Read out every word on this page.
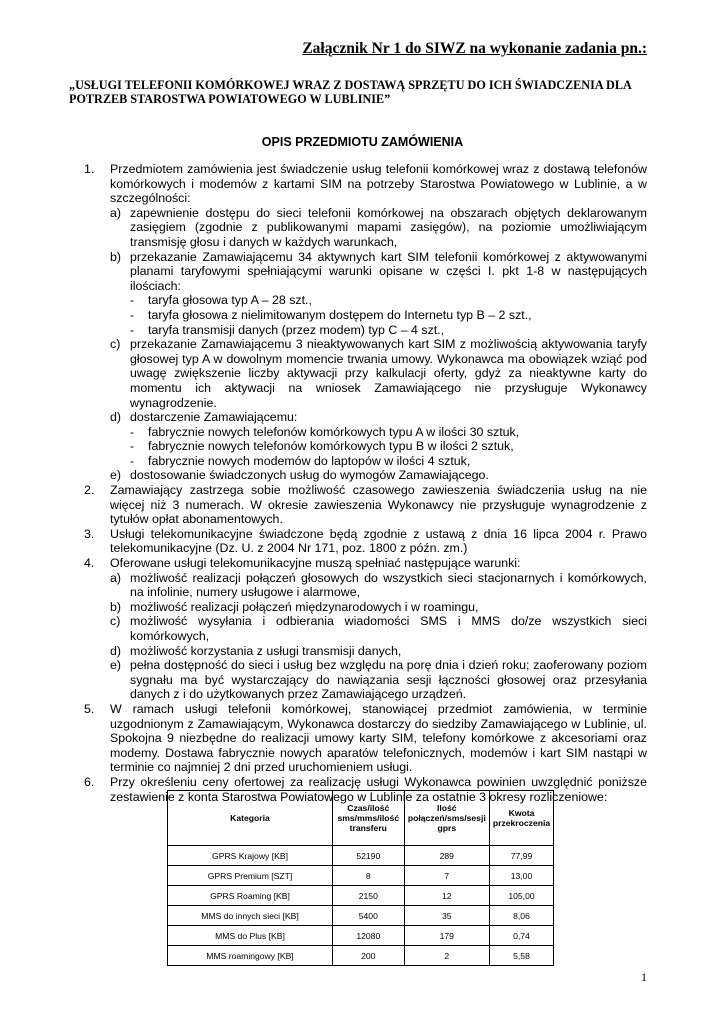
Załącznik Nr 1 do SIWZ na wykonanie zadania pn.:
„USŁUGI TELEFONII KOMÓRKOWEJ WRAZ Z DOSTAWĄ SPRZĘTU DO ICH ŚWIADCZENIA DLA POTRZEB STAROSTWA POWIATOWEGO W LUBLINIE”
OPIS PRZEDMIOTU ZAMÓWIENIA
1.	Przedmiotem zamówienia jest świadczenie usług telefonii komórkowej wraz z dostawą telefonów komórkowych i modemów z kartami SIM na potrzeby Starostwa Powiatowego w Lublinie, a w szczególności:
a) zapewnienie dostępu do sieci telefonii komórkowej na obszarach objętych deklarowanym zasięgiem (zgodnie z publikowanymi mapami zasięgów), na poziomie umożliwiającym transmisję głosu i danych w każdych warunkach,
b) przekazanie Zamawiającemu 34 aktywnych kart SIM telefonii komórkowej z aktywowanymi planami taryfowymi spełniającymi warunki opisane w części I. pkt 1-8 w następujących ilościach:
-	taryfa głosowa typ A – 28 szt.,
-	taryfa głosowa z nielimitowanym dostępem do Internetu typ B – 2 szt.,
-	taryfa transmisji danych (przez modem) typ C – 4 szt.,
c) przekazanie Zamawiającemu 3 nieaktywowanych kart SIM z możliwością aktywowania taryfy głosowej typ A w dowolnym momencie trwania umowy. Wykonawca ma obowiązek wziąć pod uwagę zwiększenie liczby aktywacji przy kalkulacji oferty, gdyż za nieaktywne karty do momentu ich aktywacji na wniosek Zamawiającego nie przysługuje Wykonawcy wynagrodzenie.
d) dostarczenie Zamawiającemu:
-	fabrycznie nowych telefonów komórkowych typu A w ilości 30 sztuk,
-	fabrycznie nowych telefonów komórkowych typu B w ilości 2 sztuk,
-	fabrycznie nowych modemów do laptopów w ilości 4 sztuk,
e) dostosowanie świadczonych usług do wymogów Zamawiającego.
2.	Zamawiający zastrzega sobie możliwość czasowego zawieszenia świadczenia usług na nie więcej niż 3 numerach. W okresie zawieszenia Wykonawcy nie przysługuje wynagrodzenie z tytułów opłat abonamentowych.
3.	Usługi telekomunikacyjne świadczone będą zgodnie z ustawą z dnia 16 lipca 2004 r. Prawo telekomunikacyjne (Dz. U. z 2004 Nr 171, poz. 1800 z późn. zm.)
4.	Oferowane usługi telekomunikacyjne muszą spełniać następujące warunki:
a) możliwość realizacji połączeń głosowych do wszystkich sieci stacjonarnych i komórkowych, na infolinie, numery usługowe i alarmowe,
b) możliwość realizacji połączeń międzynarodowych i w roamingu,
c) możliwość wysyłania i odbierania wiadomości SMS i MMS do/ze wszystkich sieci komórkowych,
d) możliwość korzystania z usługi transmisji danych,
e) pełna dostępność do sieci i usług bez względu na porę dnia i dzień roku; zaoferowany poziom sygnału ma być wystarczający do nawiązania sesji łączności głosowej oraz przesyłania danych z i do użytkowanych przez Zamawiającego urządzeń.
5.	W ramach usługi telefonii komórkowej, stanowiącej przedmiot zamówienia, w terminie uzgodnionym z Zamawiającym, Wykonawca dostarczy do siedziby Zamawiającego w Lublinie, ul. Spokojna 9 niezbędne do realizacji umowy karty SIM, telefony komórkowe z akcesoriami oraz modemy. Dostawa fabrycznie nowych aparatów telefonicznych, modemów i kart SIM nastąpi w terminie co najmniej 2 dni przed uruchomieniem usługi.
6.	Przy określeniu ceny ofertowej za realizację usługi Wykonawca powinien uwzględnić poniższe zestawienie z konta Starostwa Powiatowego w Lublinie za ostatnie 3 okresy rozliczeniowe:
Kategoria	Czas/ilość sms/mms/ilość transferu	Ilość połączeń/sms/sesji gprs	Kwota przekroczenia
GPRS Krajowy [KB]	52190	289	77,99
GPRS Premium [SZT]	8	7	13,00
GPRS Roaming [KB]	2150	12	105,00
MMS do innych sieci [KB]	5400	35	8,06
MMS do Plus [KB]	12080	179	0,74
MMS roamingowy [KB]	200	2	5,58
1
